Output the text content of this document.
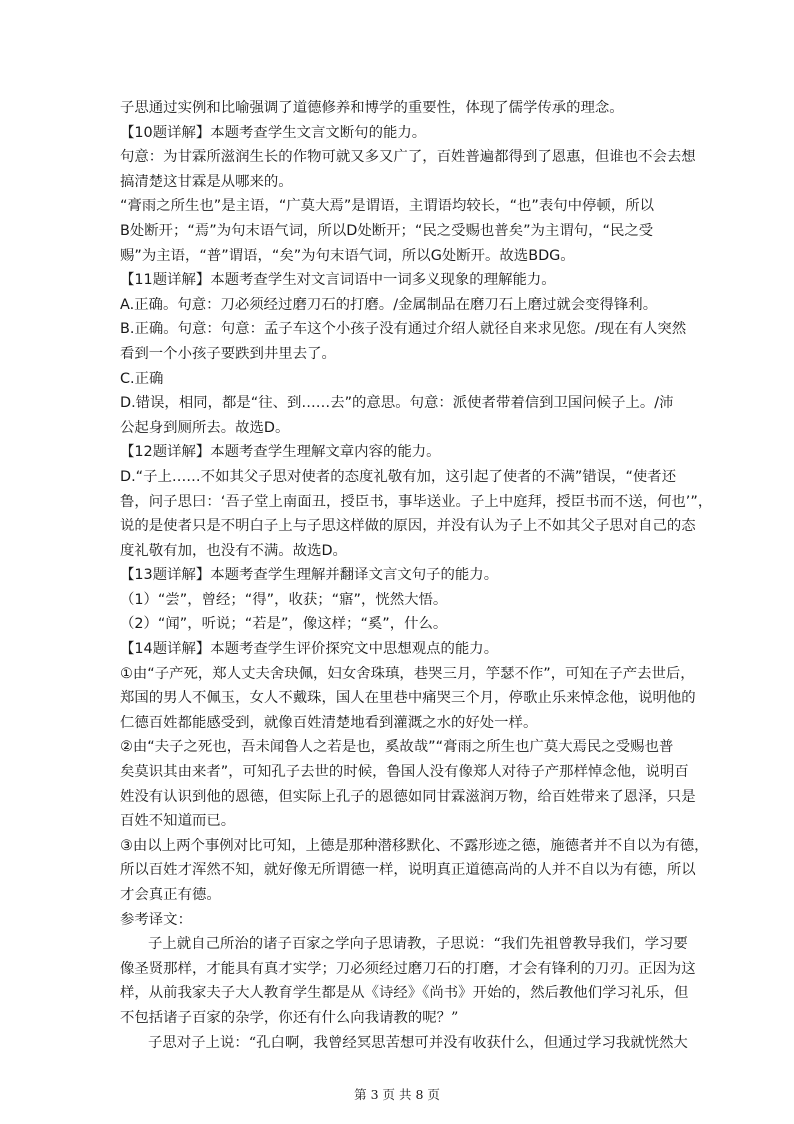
子思通过实例和比喻强调了道德修养和博学的重要性，体现了儒学传承的理念。
【10题详解】本题考查学生文言文断句的能力。
句意：为甘霖所滋润生长的作物可就又多又广了，百姓普遍都得到了恩惠，但谁也不会去想
搞清楚这甘霖是从哪来的。
“膏雨之所生也”是主语，“广莫大焉”是谓语，主谓语均较长，“也”表句中停顿，所以
B处断开；“焉”为句末语气词，所以D处断开；“民之受赐也普矣”为主谓句，“民之受
赐”为主语，“普”谓语，“矣”为句末语气词，所以G处断开。故选BDG。
【11题详解】本题考查学生对文言词语中一词多义现象的理解能力。
A.正确。句意：刀必须经过磨刀石的打磨。/金属制品在磨刀石上磨过就会变得锋利。
B.正确。句意：句意：孟子车这个小孩子没有通过介绍人就径自来求见您。/现在有人突然
看到一个小孩子要跌到井里去了。
C.正确
D.错误，相同，都是“往、到……去”的意思。句意：派使者带着信到卫国问候子上。/沛
公起身到厕所去。故选D。
【12题详解】本题考查学生理解文章内容的能力。
D.“子上……不如其父子思对使者的态度礼敬有加，这引起了使者的不满”错误，“使者还
鲁，问子思曰：‘吾子堂上南面丑，授臣书，事毕送业。子上中庭拜，授臣书而不送，何也’”，
说的是使者只是不明白子上与子思这样做的原因，并没有认为子上不如其父子思对自己的态
度礼敬有加，也没有不满。故选D。
【13题详解】本题考查学生理解并翻译文言文句子的能力。
（1）“尝”，曾经；“得”，收获；“寤”，恍然大悟。
（2）“闻”，听说；“若是”，像这样；“奚”，什么。
【14题详解】本题考查学生评价探究文中思想观点的能力。
①由“子产死，郑人丈夫舍玦佩，妇女舍珠瑱，巷哭三月，竽瑟不作”，可知在子产去世后，
郑国的男人不佩玉，女人不戴珠，国人在里巷中痛哭三个月，停歌止乐来悼念他，说明他的
仁德百姓都能感受到，就像百姓清楚地看到灌溉之水的好处一样。
②由“夫子之死也，吾未闻鲁人之若是也，奚故哉”“膏雨之所生也广莫大焉民之受赐也普
矣莫识其由来者”，可知孔子去世的时候，鲁国人没有像郑人对待子产那样悼念他，说明百
姓没有认识到他的恩德，但实际上孔子的恩德如同甘霖滋润万物，给百姓带来了恩泽，只是
百姓不知道而已。
③由以上两个事例对比可知，上德是那种潜移默化、不露形迹之德，施德者并不自以为有德，
所以百姓才浑然不知，就好像无所谓德一样，说明真正道德高尚的人并不自以为有德，所以
才会真正有德。
参考译文：
子上就自己所治的诸子百家之学向子思请教，子思说：“我们先祖曾教导我们，学习要
像圣贤那样，才能具有真才实学；刀必须经过磨刀石的打磨，才会有锋利的刀刃。正因为这
样，从前我家夫子大人教育学生都是从《诗经》《尚书》开始的，然后教他们学习礼乐，但
不包括诸子百家的杂学，你还有什么向我请教的呢？”
子思对子上说：“孔白啊，我曾经冥思苦想可并没有收获什么，但通过学习我就恍然大
第 3 页 共 8 页
